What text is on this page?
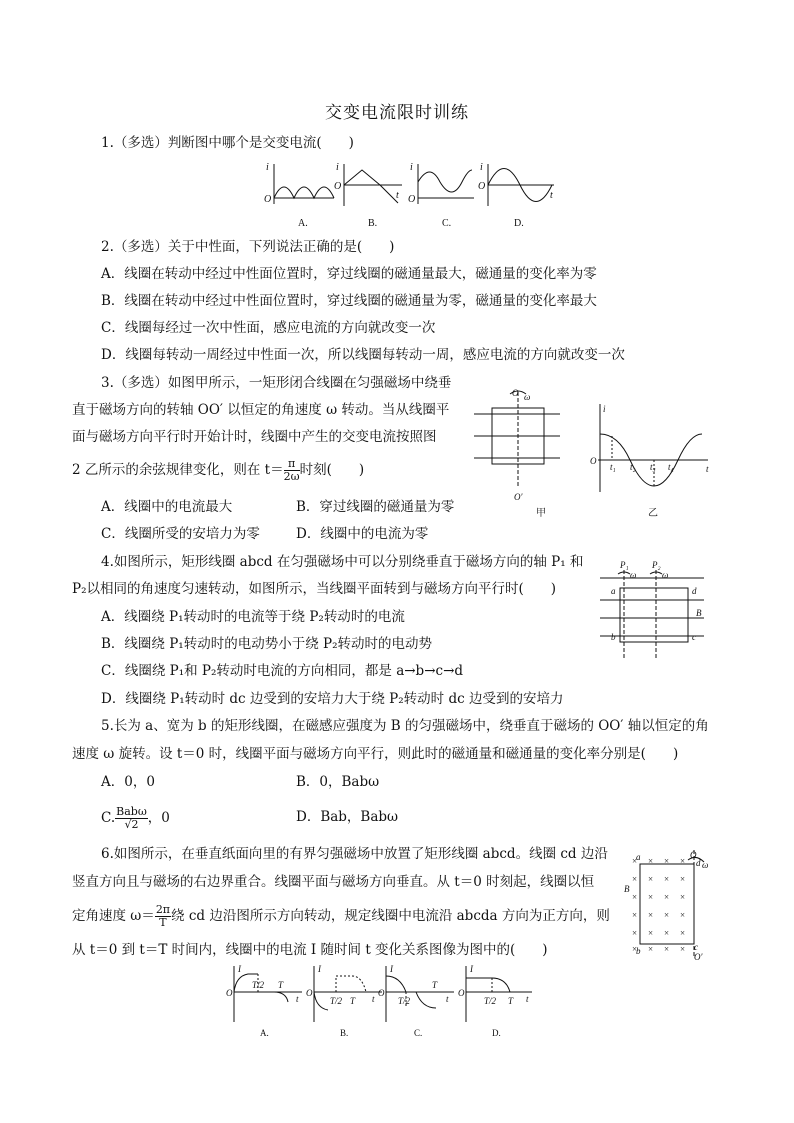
交变电流限时训练
1.（多选）判断图中哪个是交变电流(　　)
i
O
i
O
t
i
O
i
O
t
A.	B.	C.	D.
2.（多选）关于中性面，下列说法正确的是(　　)
A．线圈在转动中经过中性面位置时，穿过线圈的磁通量最大，磁通量的变化率为零
B．线圈在转动中经过中性面位置时，穿过线圈的磁通量为零，磁通量的变化率最大
C．线圈每经过一次中性面，感应电流的方向就改变一次
D．线圈每转动一周经过中性面一次，所以线圈每转动一周，感应电流的方向就改变一次
3.（多选）如图甲所示，一矩形闭合线圈在匀强磁场中绕垂
直于磁场方向的转轴 OO′ 以恒定的角速度 ω 转动。当从线圈平
面与磁场方向平行时开始计时，线圈中产生的交变电流按照图
2 乙所示的余弦规律变化，则在 $t= \frac{\pi}{2\omega}$ 时刻(　　)
A．线圈中的电流最大	B．穿过线圈的磁通量为零
C．线圈所受的安培力为零	D．线圈中的电流为零
O ω
O′
i
O
t
t₁ t₂ t₃ t₄
甲	乙
4.如图所示，矩形线圈 abcd 在匀强磁场中可以分别绕垂直于磁场方向的轴 P₁ 和
P₂以相同的角速度匀速转动，如图所示，当线圈平面转到与磁场方向平行时(　　)
A．线圈绕 P₁转动时的电流等于绕 P₂转动时的电流
B．线圈绕 P₁转动时的电动势小于绕 P₂转动时的电动势
C．线圈绕 P₁和 P₂转动时电流的方向相同，都是 a→b→c→d
D．线圈绕 P₁转动时 dc 边受到的安培力大于绕 P₂转动时 dc 边受到的安培力
P₁	P₂
ω	ω
a	d
b	c
B
5.长为 a、宽为 b 的矩形线圈，在磁感应强度为 B 的匀强磁场中，绕垂直于磁场的 OO′ 轴以恒定的角
速度 ω 旋转。设 t＝0 时，线圈平面与磁场方向平行，则此时的磁通量和磁通量的变化率分别是(　　)
A．0，0	B．0，Babω
C. $\frac{\text{Babω}}{√2}$ ，0	D．Bab，Babω
6.如图所示，在垂直纸面向里的有界匀强磁场中放置了矩形线圈 abcd。线圈 cd 边沿
竖直方向且与磁场的右边界重合。线圈平面与磁场方向垂直。从 t＝0 时刻起，线圈以恒
定角速度 $\omega= \frac{2\pi}{T}$ 绕 cd 边沿图所示方向转动，规定线圈中电流沿 abcda 方向为正方向，则
从 t＝0 到 t＝T 时间内，线圈中的电流 I 随时间 t 变化关系图像为图中的(　　)
× × × ×
× × × ×
× × × ×
× × × ×
× × × ×
× × × ×
B
O
ω
a
d
b	c
O′
I
O
T/2 T
t
I
O
T/2 T t
I
O
T/2
T
t
I
O
T/2 T t
A.	B.	C.	D.
